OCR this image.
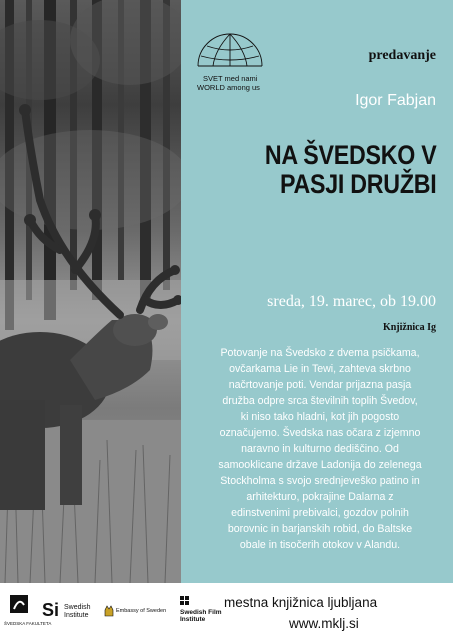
SVET med nami
WORLD among us
predavanje
Igor Fabjan
NA ŠVEDSKO V
PASJI DRUŽBI
sreda, 19. marec, ob 19.00
Knjižnica Ig
Potovanje na Švedsko z dvema psičkama,
ovčarkama Lie in Tewi, zahteva skrbno
načrtovanje poti. Vendar prijazna pasja
družba odpre srca številnih toplih Švedov,
ki niso tako hladni, kot jih pogosto
označujemo. Švedska nas očara z izjemno
naravno in kulturno dediščino. Od
samooklicane države Ladonija do zelenega
Stockholma s svojo srednjeveško patino in
arhitekturo, pokrajine Dalarna z
edinstvenimi prebivalci, gozdov polnih
borovnic in barjanskih robid, do Baltske
obale in tisočerih otokov v Alandu.
ŠVEDSKA FAKULTETA
Si Swedish Institute
Embassy of Sweden Swedish Film Institute
mestna knjižnica ljubljana
www.mklj.si
